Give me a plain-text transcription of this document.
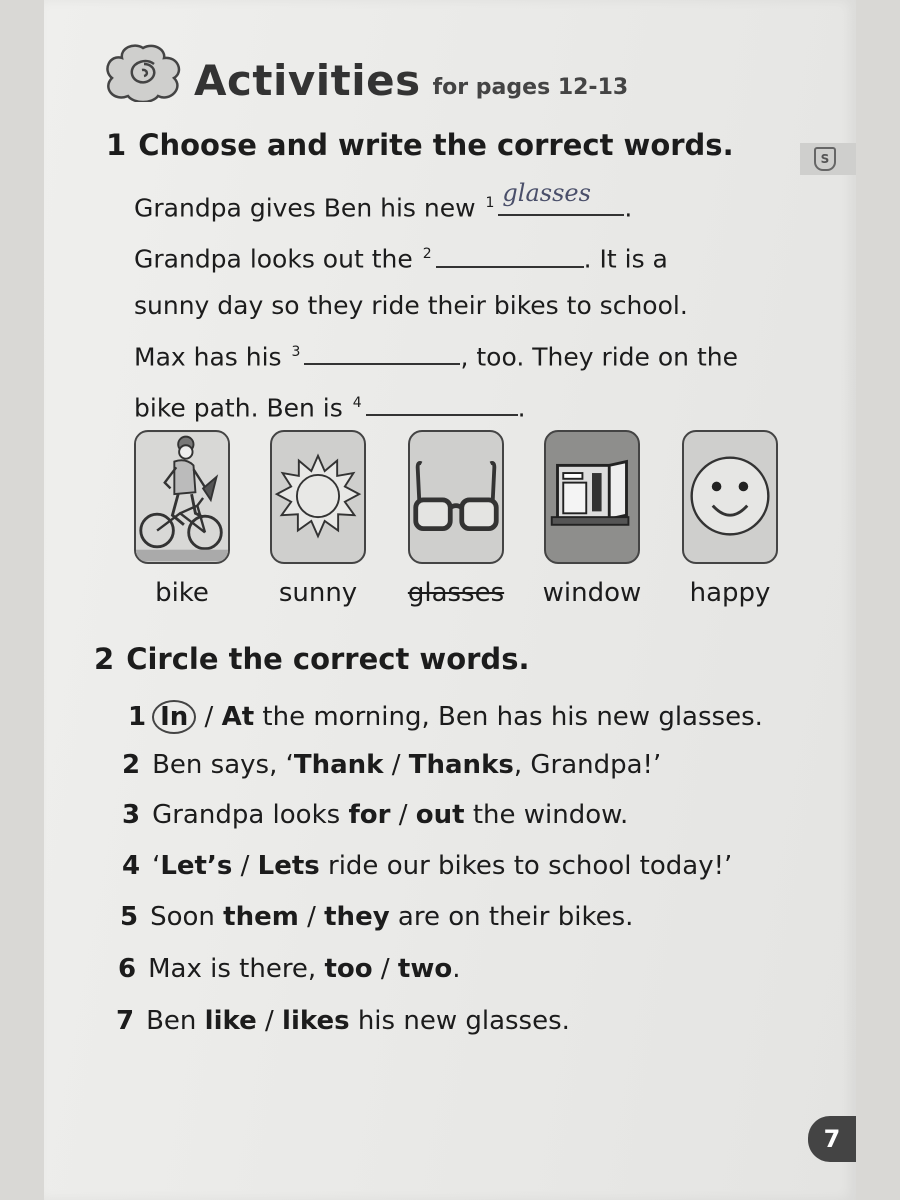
Activities for pages 12-13
S
1 Choose and write the correct words.
Grandpa gives Ben his new $^1$ glasses .
Grandpa looks out the $^2$	. It is a
sunny day so they ride their bikes to school.
Max has his $^3$	, too. They ride on the
bike path. Ben is $^4$	.
bike	sunny	glasses	window	happy
2 Circle the correct words.
1 In / At the morning, Ben has his new glasses.
2 Ben says, ‘Thank / Thanks, Grandpa!’
3 Grandpa looks for / out the window.
4 ‘Let’s / Lets ride our bikes to school today!’
5 Soon them / they are on their bikes.
6 Max is there, too / two.
7 Ben like / likes his new glasses.
7
